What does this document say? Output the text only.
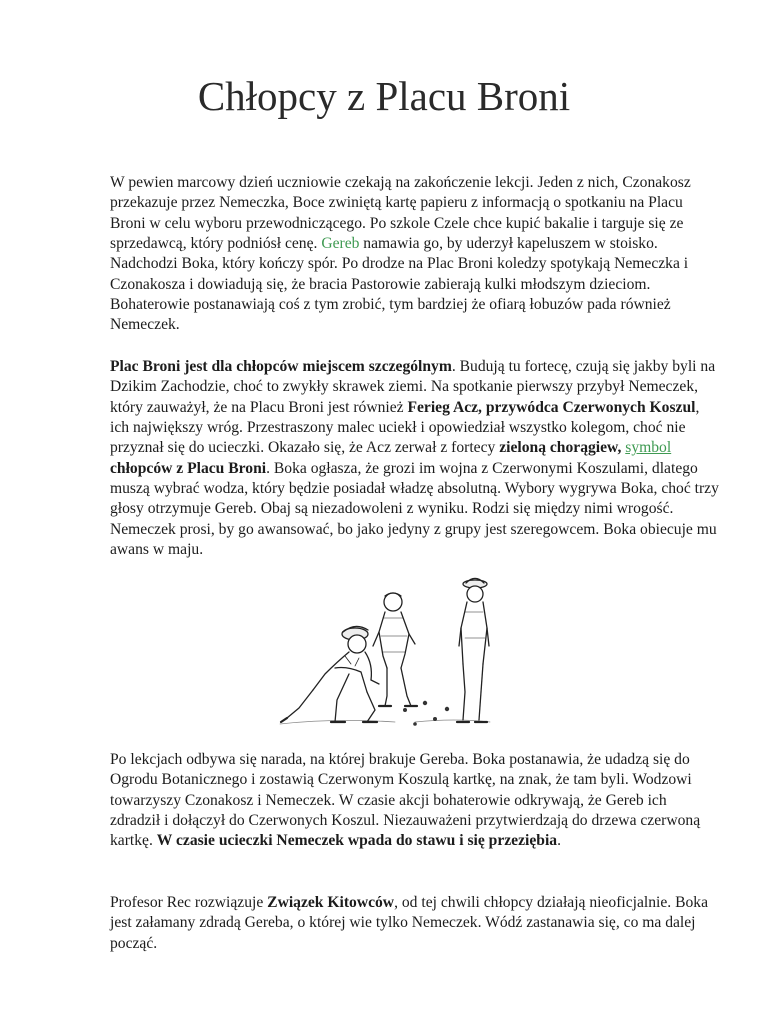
Chłopcy z Placu Broni

W pewien marcowy dzień uczniowie czekają na zakończenie lekcji. Jeden z nich, Czonakosz przekazuje przez Nemeczka, Boce zwiniętą kartę papieru z informacją o spotkaniu na Placu Broni w celu wyboru przewodniczącego. Po szkole Czele chce kupić bakalie i targuje się ze sprzedawcą, który podniósł cenę. Gereb namawia go, by uderzył kapeluszem w stoisko. Nadchodzi Boka, który kończy spór. Po drodze na Plac Broni koledzy spotykają Nemeczka i Czonakosza i dowiadują się, że bracia Pastorowie zabierają kulki młodszym dzieciom. Bohaterowie postanawiają coś z tym zrobić, tym bardziej że ofiarą łobuzów pada również Nemeczek.

Plac Broni jest dla chłopców miejscem szczególnym. Budują tu fortecę, czują się jakby byli na Dzikim Zachodzie, choć to zwykły skrawek ziemi. Na spotkanie pierwszy przybył Nemeczek, który zauważył, że na Placu Broni jest również Ferieg Acz, przywódca Czerwonych Koszul, ich największy wróg. Przestraszony malec uciekł i opowiedział wszystko kolegom, choć nie przyznał się do ucieczki. Okazało się, że Acz zerwał z fortecy zieloną chorągiew, symbol chłopców z Placu Broni. Boka ogłasza, że grozi im wojna z Czerwonymi Koszulami, dlatego muszą wybrać wodza, który będzie posiadał władzę absolutną. Wybory wygrywa Boka, choć trzy głosy otrzymuje Gereb. Obaj są niezadowoleni z wyniku. Rodzi się między nimi wrogość. Nemeczek prosi, by go awansować, bo jako jedyny z grupy jest szeregowcem. Boka obiecuje mu awans w maju.

Po lekcjach odbywa się narada, na której brakuje Gereba. Boka postanawia, że udadzą się do Ogrodu Botanicznego i zostawią Czerwonym Koszulą kartkę, na znak, że tam byli. Wodzowi towarzyszy Czonakosz i Nemeczek. W czasie akcji bohaterowie odkrywają, że Gereb ich zdradził i dołączył do Czerwonych Koszul. Niezauważeni przytwierdzają do drzewa czerwoną kartkę. W czasie ucieczki Nemeczek wpada do stawu i się przeziębia.

Profesor Rec rozwiązuje Związek Kitowców, od tej chwili chłopcy działają nieoficjalnie. Boka jest załamany zdradą Gereba, o której wie tylko Nemeczek. Wódź zastanawia się, co ma dalej począć.
